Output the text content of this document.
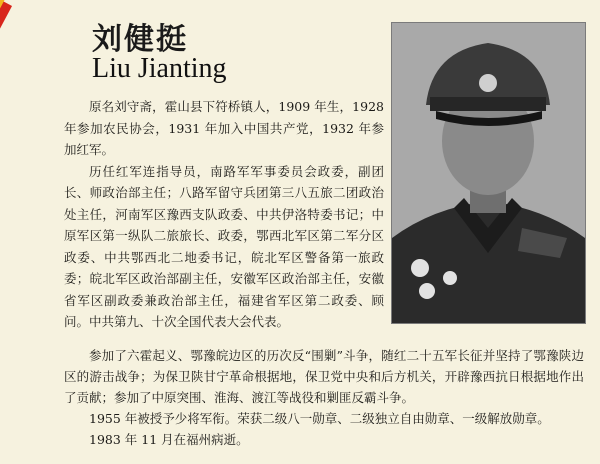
刘健挺
Liu Jianting

原名刘守斋，霍山县下符桥镇人，1909 年生，1928 年参加农民协会，1931 年加入中国共产党，1932 年参加红军。

历任红军连指导员，南路军军事委员会政委，副团长、师政治部主任；八路军留守兵团第三八五旅二团政治处主任，河南军区豫西支队政委、中共伊洛特委书记；中原军区第一纵队二旅旅长、政委，鄂西北军区第二军分区政委、中共鄂西北二地委书记，皖北军区警备第一旅政委；皖北军区政治部副主任，安徽军区政治部主任，安徽省军区副政委兼政治部主任，福建省军区第二政委、顾问。中共第九、十次全国代表大会代表。

参加了六霍起义、鄂豫皖边区的历次反“围剿”斗争，随红二十五军长征并坚持了鄂豫陕边区的游击战争；为保卫陕甘宁革命根据地，保卫党中央和后方机关，开辟豫西抗日根据地作出了贡献；参加了中原突围、淮海、渡江等战役和剿匪反霸斗争。

1955 年被授予少将军衔。荣获二级八一勋章、二级独立自由勋章、一级解放勋章。

1983 年 11 月在福州病逝。
